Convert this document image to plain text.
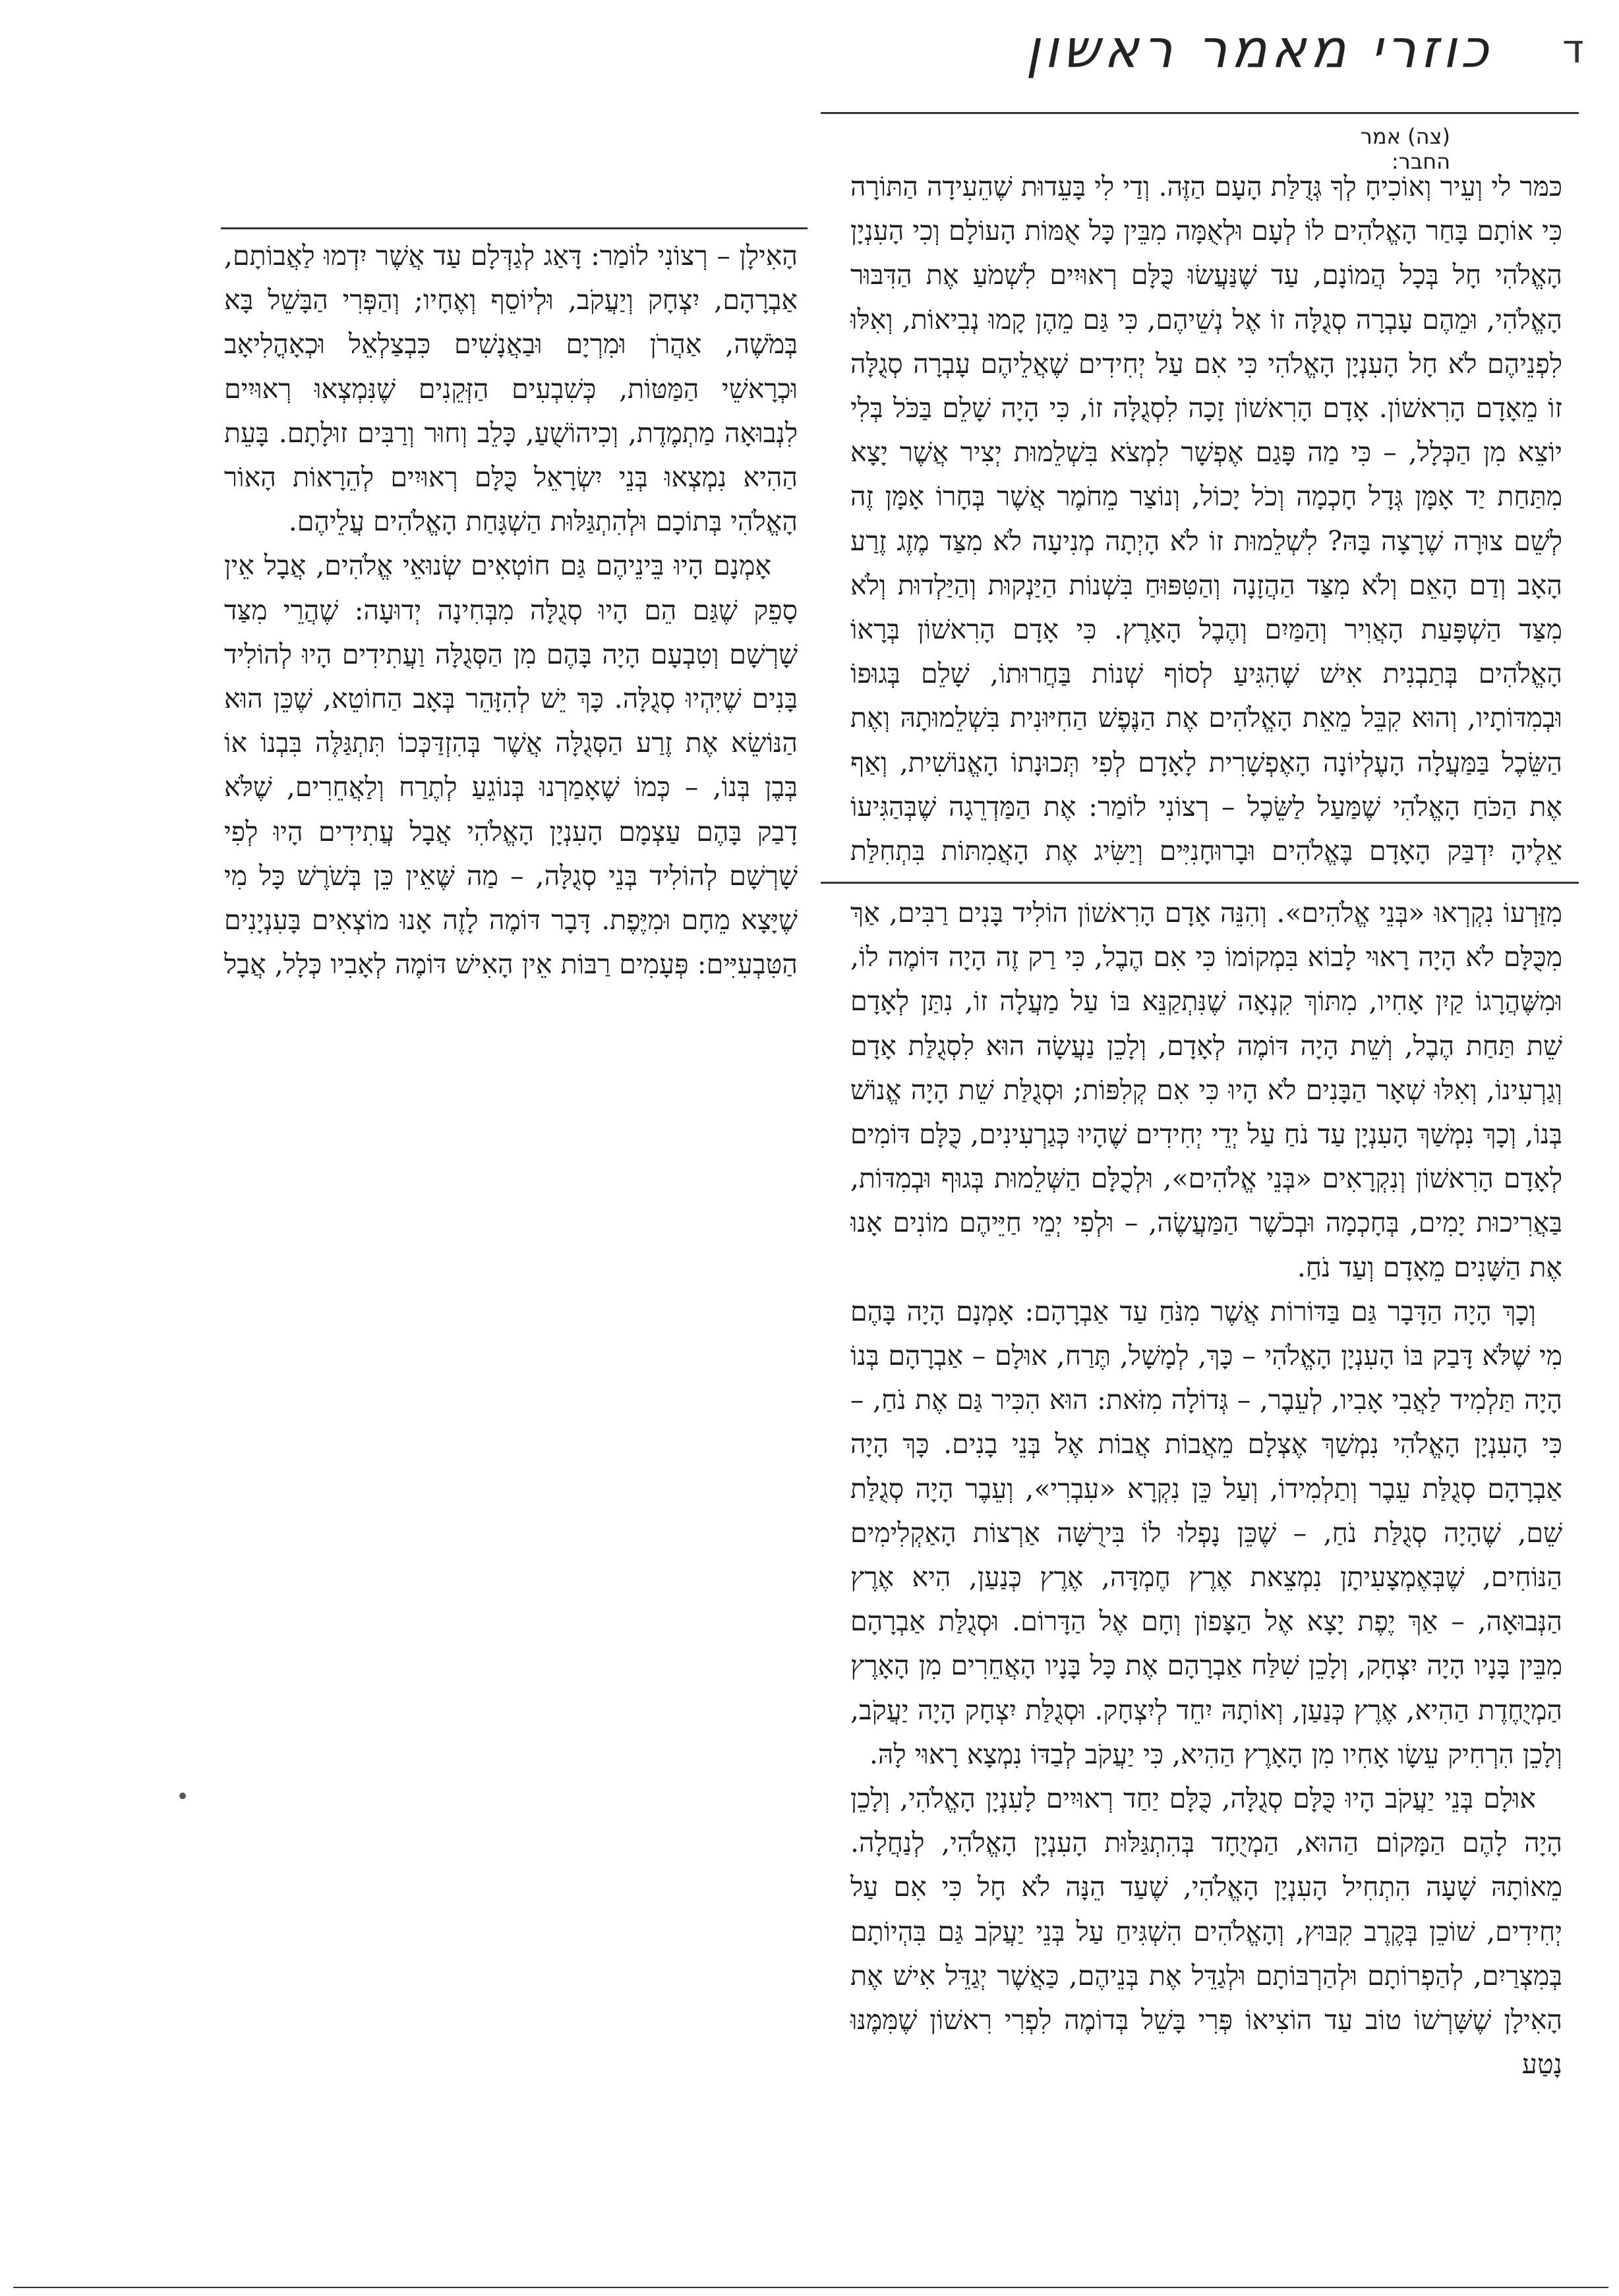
כוזרי מאמר ראשון	ד
(צה) אמר החבר:

כּמּר לי וְעֵיר וְאוֹכִיחָ לְךָ גְּדֻלַּת הָעָם הַזֶּה. וְדַי לִי בָּעֵדוּת שֶׁהֵעִידָה הַתּוֹרָה כִּי אוֹתָם בָּחַר הָאֱלֹהִים לוֹ לְעָם וּלְאֻמָּה מִבֵּין כָּל אֻמּוֹת הָעוֹלָם וְכִי הָעִנְיָן הָאֱלֹהִי חָל בְּכָל הֲמוֹנָם, עַד שֶׁנַּעֲשׂוּ כֻּלָּם רְאוּיִים לִשְׁמֹעַ אֶת הַדִּבּוּר הָאֱלֹהִי, וּמֵהֶם עָבְרָה סְגֻלָּה זוֹ אֶל נְשֵׁיהֶם, כִּי גַּם מֵהֶן קָמוּ נְבִיאוֹת, וְאִלּוּ לִפְנֵיהֶם לֹא חָל הָעִנְיָן הָאֱלֹהִי כִּי אִם עַל יְחִידִים שֶׁאֲלֵיהֶם עָבְרָה סְגֻלָּה זוֹ מֵאָדָם הָרִאשׁוֹן. אָדָם הָרִאשׁוֹן זָכָה לִסְגֻלָּה זוֹ, כִּי הָיָה שָׁלֵם בַּכֹּל בְּלִי יוֹצֵא מִן הַכְּלָל, – כִּי מַה פָּגַם אֶפְשָׁר לִמְצֹא בִּשְׁלֵמוּת יְצִיר אֲשֶׁר יָצָא מִתַּחַת יַד אָמָּן גְּדָל חָכְמָה וְכֹל יָכוֹל, וְנוֹצַר מֵחֹמֶר אֲשֶׁר בְּחָרוֹ אָמָּן זֶה לְשֵׁם צוּרָה שֶׁרָצָה בָּהּ? לִשְׁלֵמוּת זוֹ לֹא הָיְתָה מְנִיעָה לֹא מִצַּד מֶזֶג זֶרַע הָאָב וְדַם הָאֵם וְלֹא מִצַּד הַהֲזָנָה וְהַטִּפּוּחַ בִּשְׁנוֹת הַיַּנְקוּת וְהַיַּלְדוּת וְלֹא מִצַּד הַשְׁפָּעַת הָאֲוִיר וְהַמַּיִם וְהֶבֶל הָאָרֶץ. כִּי אָדָם הָרִאשׁוֹן בְּרָאוֹ הָאֱלֹהִים בְּתַבְנִית אִישׁ שֶׁהִגִּיעַ לְסוֹף שְׁנוֹת בַּחֲרוּתוֹ, שָׁלֵם בְּגוּפוֹ וּבְמִדּוֹתָיו, וְהוּא קִבֵּל מֵאֵת הָאֱלֹהִים אֶת הַנֶּפֶשׁ הַחִיּוּנִית בִּשְׁלֵמוּתָהּ וְאֶת הַשֵּׂכֶל בַּמַּעֲלָה הָעֶלְיוֹנָה הָאֶפְשָׁרִית לָאָדָם לְפִי תְּכוּנָתוֹ הָאֱנוֹשִׁית, וְאַף אֶת הַכֹּחַ הָאֱלֹהִי שֶׁמַּעַל לַשֵּׂכֶל – רְצוֹנִי לוֹמַר: אֶת הַמַּדְרֵגָה שֶׁבְּהַגִּיעוֹ אֵלֶיהָ יִדְבַּק הָאָדָם בֶּאֱלֹהִים וּבָרוּחָנִיִּים וְיַשִּׂיג אֶת הָאֲמִתּוֹת בִּתְחִלַּת

מִזַּרְעוֹ נִקְרְאוּ «בְּנֵי אֱלֹהִים». וְהִנֵּה אָדָם הָרִאשׁוֹן הוֹלִיד בָּנִים רַבִּים, אַךְ מִכֻּלָּם לֹא הָיָה רָאוּי לָבוֹא בִּמְקוֹמוֹ כִּי אִם הֶבֶל, כִּי רַק זֶה הָיָה דּוֹמֶה לוֹ, וּמִשֶּׁהֲרָגוֹ קַיִן אָחִיו, מִתּוֹךְ קִנְאָה שֶׁנִּתְקַנֵּא בּוֹ עַל מַעֲלָה זוֹ, נִתַּן לְאָדָם שֵׁת תַּחַת הֶבֶל, וְשֵׁת הָיָה דּוֹמֶה לְאָדָם, וְלָכֵן נַעֲשָׂה הוּא לִסְגֻלַּת אָדָם וְגַרְעִינוֹ, וְאִלּוּ שְׁאָר הַבָּנִים לֹא הָיוּ כִּי אִם קְלִפּוֹת; וּסְגֻלַּת שֵׁת הָיָה אֱנוֹשׁ בְּנוֹ, וְכָךְ נִמְשַׁךְ הָעִנְיָן עַד נֹחַ עַל יְדֵי יְחִידִים שֶׁהָיוּ כְּגַרְעִינִים, כֻּלָּם דּוֹמִים לְאָדָם הָרִאשׁוֹן וְנִקְרָאִים «בְּנֵי אֱלֹהִים», וּלְכֻלָּם הַשְּׁלֵמוּת בְּגוּף וּבְמִדּוֹת, בַּאֲרִיכוּת יָמִים, בְּחָכְמָה וּבְכֹשֶׁר הַמַּעֲשֶׂה, – וּלְפִי יְמֵי חַיֵּיהֶם מוֹנִים אָנוּ אֶת הַשָּׁנִים מֵאָדָם וְעַד נֹחַ.

וְכָךְ הָיָה הַדָּבָר גַּם בַּדּוֹרוֹת אֲשֶׁר מִנֹּחַ עַד אַבְרָהָם: אָמְנָם הָיָה בָּהֶם מִי שֶׁלֹּא דָּבַק בּוֹ הָעִנְיָן הָאֱלֹהִי – כָּךְ, לְמָשָׁל, תֶּרַח, אוּלָם – אַבְרָהָם בְּנוֹ הָיָה תַּלְמִיד לַאֲבִי אָבִיו, לְעֵבֶר, – גְּדוֹלָה מִזֹּאת: הוּא הִכִּיר גַּם אֶת נֹחַ, – כִּי הָעִנְיָן הָאֱלֹהִי נִמְשַׁךְ אֶצְלָם מֵאֲבוֹת אֲבוֹת אֶל בְּנֵי בָנִים. כָּךְ הָיָה אַבְרָהָם סְגֻלַּת עֵבֶר וְתַלְמִידוֹ, וְעַל כֵּן נִקְרָא «עִבְרִי», וְעֵבֶר הָיָה סְגֻלַּת שֵׁם, שֶׁהָיָה סְגֻלַּת נֹחַ, – שֶׁכֵּן נָפְלוּ לוֹ בִּירֻשָּׁה אַרְצוֹת הָאַקְלִימִים הַנּוֹחִים, שֶׁבְּאֶמְצָעִיתָן נִמְצֵאת אֶרֶץ חֶמְדָּה, אֶרֶץ כְּנַעַן, הִיא אֶרֶץ הַנְּבוּאָה, – אַךְ יֶפֶת יָצָא אֶל הַצָּפוֹן וְחָם אֶל הַדָּרוֹם. וּסְגֻלַּת אַבְרָהָם מִבֵּין בָּנָיו הָיָה יִצְחָק, וְלָכֵן שִׁלַּח אַבְרָהָם אֶת כָּל בָּנָיו הָאֲחֵרִים מִן הָאָרֶץ הַמְיֻחֶדֶת הַהִיא, אֶרֶץ כְּנַעַן, וְאוֹתָהּ יִחֵד לְיִצְחָק. וּסְגֻלַּת יִצְחָק הָיָה יַעֲקֹב, וְלָכֵן הִרְחִיק עֵשָׂו אָחִיו מִן הָאָרֶץ הַהִיא, כִּי יַעֲקֹב לְבַדּוֹ נִמְצָא רָאוּי לָהּ.

אוּלָם בְּנֵי יַעֲקֹב הָיוּ כֻּלָּם סְגֻלָּה, כֻּלָּם יַחַד רְאוּיִים לָעִנְיָן הָאֱלֹהִי, וְלָכֵן הָיָה לָהֶם הַמָּקוֹם הַהוּא, הַמְיֻחָד בְּהִתְגַּלּוּת הָעִנְיָן הָאֱלֹהִי, לְנַחֲלָה. מֵאוֹתָהּ שָׁעָה הִתְחִיל הָעִנְיָן הָאֱלֹהִי, שֶׁעַד הֵנָּה לֹא חָל כִּי אִם עַל יְחִידִים, שׁוֹכֵן בְּקֶרֶב קִבּוּץ, וְהָאֱלֹהִים הִשְׁגִּיחַ עַל בְּנֵי יַעֲקֹב גַּם בִּהְיוֹתָם בְּמִצְרַיִם, לְהַפְרוֹתָם וּלְהַרְבּוֹתָם וּלְגַדֵּל אֶת בְּנֵיהֶם, כַּאֲשֶׁר יְגַדֵּל אִישׁ אֶת הָאִילָן שֶׁשָּׁרְשׁוֹ טוֹב עַד הוֹצִיאוֹ פְּרִי בָּשֵׁל בְּדוֹמֶה לִפְרִי רִאשׁוֹן שֶׁמִּמֶּנּוּ נָטַע

הָאִילָן – רְצוֹנִי לוֹמַר: דָּאַג לְגַדְּלָם עַד אֲשֶׁר יִדְמוּ לַאֲבוֹתָם, אַבְרָהָם, יִצְחָק וְיַעֲקֹב, וּלְיוֹסֵף וְאֶחָיו; וְהַפְּרִי הַבָּשֵׁל בָּא בְּמֹשֶׁה, אַהֲרֹן וּמִרְיָם וּבַאֲנָשִׁים כִּבְצַלְאֵל וּכְאָהֳלִיאָב וּכְרָאשֵׁי הַמַּטּוֹת, כְּשִׁבְעִים הַזְּקֵנִים שֶׁנִּמְצְאוּ רְאוּיִים לִנְבוּאָה מַתְמֶדֶת, וְכִיהוֹשֻׁעַ, כָּלֵב וְחוּר וְרַבִּים זוּלָתָם. בָּעֵת הַהִיא נִמְצְאוּ בְּנֵי יִשְׂרָאֵל כֻּלָּם רְאוּיִים לְהֵרָאוֹת הָאוֹר הָאֱלֹהִי בְּתוֹכָם וּלְהִתְגַּלּוּת הַשְׁגָּחַת הָאֱלֹהִים עֲלֵיהֶם.

אָמְנָם הָיוּ בֵּינֵיהֶם גַּם חוֹטְאִים שְׂנוּאֵי אֱלֹהִים, אֲבָל אֵין סָפֵק שֶׁגַּם הֵם הָיוּ סְגֻלָּה מִבְּחִינָה יְדוּעָה: שֶׁהֲרֵי מִצַּד שָׁרְשָׁם וְטִבְעָם הָיָה בָּהֶם מִן הַסְּגֻלָּה וַעֲתִידִים הָיוּ לְהוֹלִיד בָּנִים שֶׁיִּהְיוּ סְגֻלָּה. כָּךְ יֵשׁ לְהִזָּהֵר בְּאָב הַחוֹטֵא, שֶׁכֵּן הוּא הַנּוֹשֵׂא אֶת זֶרַע הַסְּגֻלָּה אֲשֶׁר בְּהִזְדַּכְּכוֹ תִּתְגַּלֶּה בִּבְנוֹ אוֹ בְּבֶן בְּנוֹ, – כְּמוֹ שֶׁאָמַרְנוּ בְּנוֹגֵעַ לְתֶרַח וְלַאֲחֵרִים, שֶׁלֹּא דָבַק בָּהֶם עַצְמָם הָעִנְיָן הָאֱלֹהִי אֲבָל עֲתִידִים הָיוּ לְפִי שָׁרְשָׁם לְהוֹלִיד בְּנֵי סְגֻלָּה, – מַה שֶּׁאֵין כֵּן בְּשֹׁרֶשׁ כָּל מִי שֶׁיָּצָא מֵחָם וּמִיֶּפֶת. דָּבָר דּוֹמֶה לָזֶה אָנוּ מוֹצְאִים בָּעִנְיָנִים הַטִּבְעִיִּים: פְּעָמִים רַבּוֹת אֵין הָאִישׁ דּוֹמֶה לְאָבִיו כְּלָל, אֲבָל
